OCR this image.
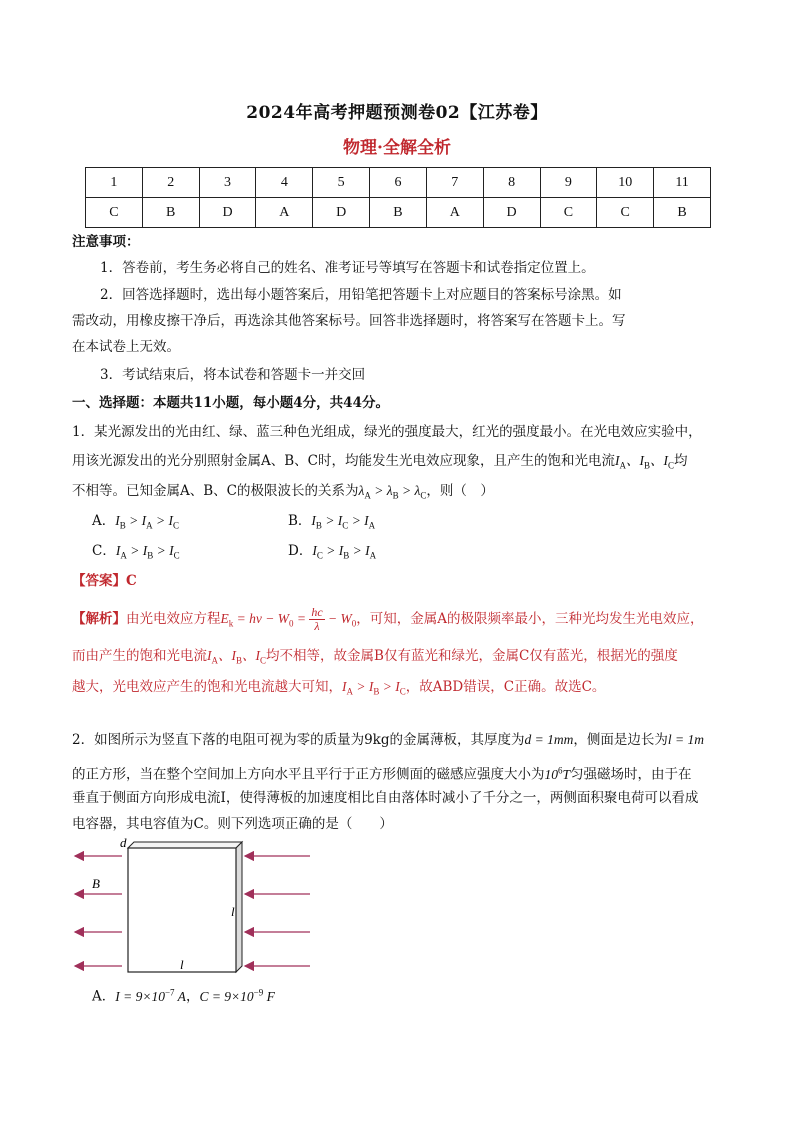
2024年高考押题预测卷02【江苏卷】
物理·全解全析
1	2	3	4	5	6	7	8	9	10	11
C	B	D	A	D	B	A	D	C	C	B
注意事项：
1．答卷前，考生务必将自己的姓名、准考证号等填写在答题卡和试卷指定位置上。
2．回答选择题时，选出每小题答案后，用铅笔把答题卡上对应题目的答案标号涂黑。如
需改动，用橡皮擦干净后，再选涂其他答案标号。回答非选择题时，将答案写在答题卡上。写
在本试卷上无效。
3．考试结束后，将本试卷和答题卡一并交回
一、选择题：本题共11小题，每小题4分，共44分。
1．某光源发出的光由红、绿、蓝三种色光组成，绿光的强度最大，红光的强度最小。在光电效应实验中，
用该光源发出的光分别照射金属A、B、C时，均能发生光电效应现象，且产生的饱和光电流$I_A$、$I_B$、$I_C$均
不相等。已知金属A、B、C的极限波长的关系为$\lambda_A > \lambda_B > \lambda_C$，则（　）
A．$I_B > I_A > I_C$	B．$I_B > I_C > I_A$
C．$I_A > I_B > I_C$	D．$I_C > I_B > I_A$
【答案】C
【解析】由光电效应方程$E_k = h\nu - W_0 = \frac{hc}{\lambda} - W_0$，可知，金属A的极限频率最小，三种光均发生光电效应，
而由产生的饱和光电流$I_A$、$I_B$、$I_C$均不相等，故金属B仅有蓝光和绿光，金属C仅有蓝光，根据光的强度
越大，光电效应产生的饱和光电流越大可知，$I_A > I_B > I_C$，故ABD错误，C正确。故选C。
2．如图所示为竖直下落的电阻可视为零的质量为9kg的金属薄板，其厚度为d = 1mm，侧面是边长为l = 1m
的正方形，当在整个空间加上方向水平且平行于正方形侧面的磁感应强度大小为$10^6T$匀强磁场时，由于在
垂直于侧面方向形成电流I，使得薄板的加速度相比自由落体时减小了千分之一，两侧面积聚电荷可以看成
电容器，其电容值为C。则下列选项正确的是（　　）
d
B
l
l
A．$I = 9\times 10^{-7}$ A，$C = 9\times 10^{-9}$ F
